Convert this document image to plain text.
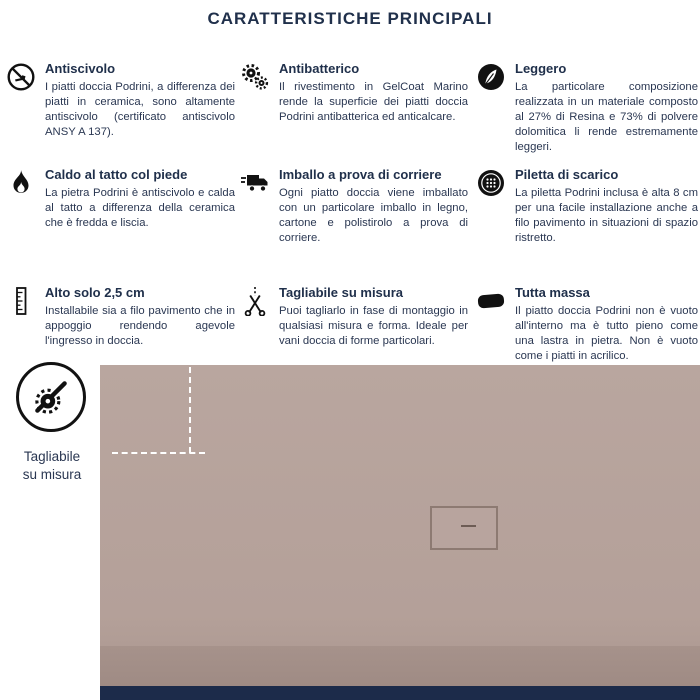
CARATTERISTICHE PRINCIPALI
Antiscivolo
I piatti doccia Podrini, a differenza dei piatti in ceramica, sono altamente antiscivolo (certificato antiscivolo ANSY A 137).
Antibatterico
Il rivestimento in GelCoat Marino rende la superficie dei piatti doccia Podrini antibatterica ed anticalcare.
Leggero
La particolare composizione realizzata in un materiale composto al 27% di Resina e 73% di polvere dolomitica li rende estremamente leggeri.
Caldo al tatto col piede
La pietra Podrini è antiscivolo e calda al tatto a differenza della ceramica che è fredda e liscia.
Imballo a prova di corriere
Ogni piatto doccia viene imballato con un particolare imballo in legno, cartone e polistirolo a prova di corriere.
Piletta di scarico
La piletta Podrini inclusa è alta 8 cm per una facile installazione anche a filo pavimento in situazioni di spazio ristretto.
Alto solo 2,5 cm
Installabile sia a filo pavimento che in appoggio rendendo agevole l'ingresso in doccia.
Tagliabile su misura
Puoi tagliarlo in fase di montaggio in qualsiasi misura e forma. Ideale per vani doccia di forme particolari.
Tutta massa
Il piatto doccia Podrini non è vuoto all'interno ma è tutto pieno come una lastra in pietra. Non è vuoto come i piatti in acrilico.
Tagliabile
su misura
